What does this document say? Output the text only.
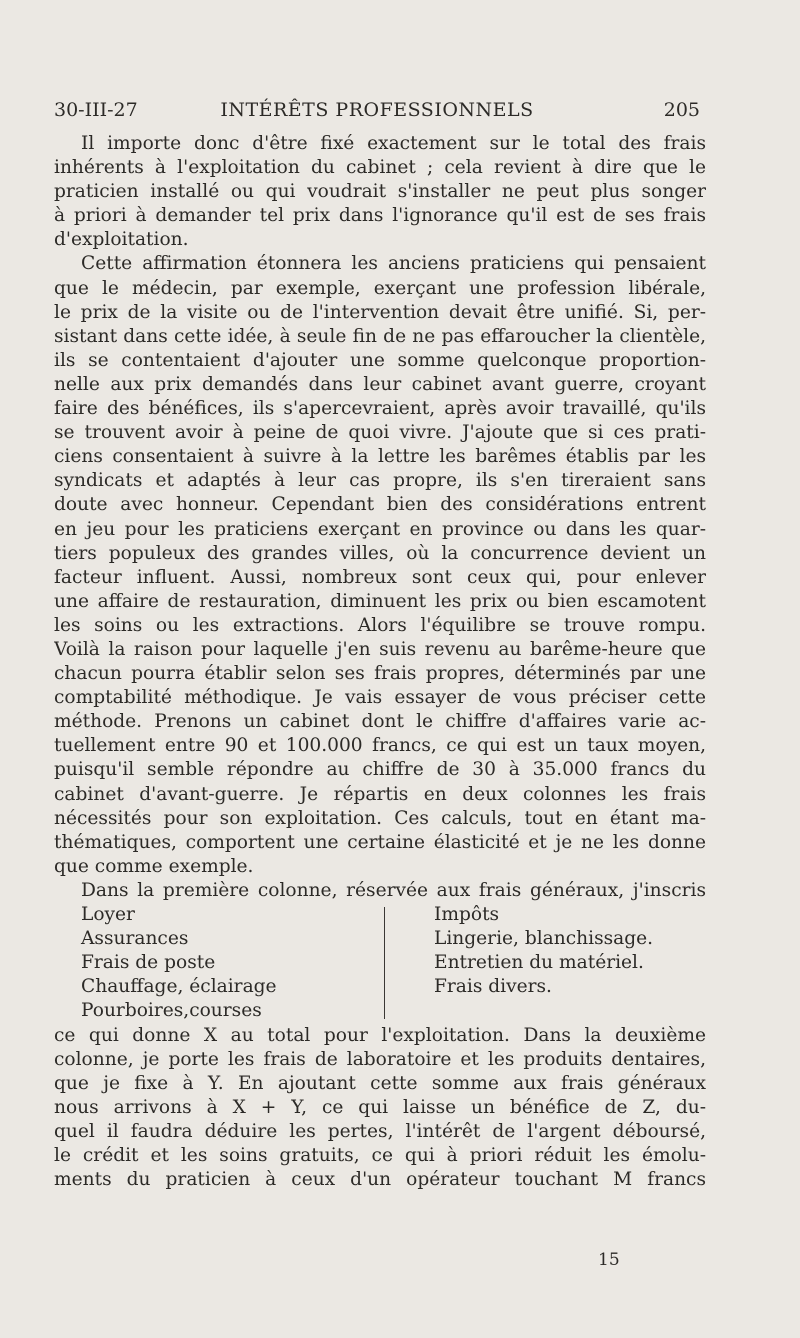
30-III-27	INTÉRÊTS PROFESSIONNELS	205
Il importe donc d'être fixé exactement sur le total des frais
inhérents à l'exploitation du cabinet ; cela revient à dire que le
praticien installé ou qui voudrait s'installer ne peut plus songer
à priori à demander tel prix dans l'ignorance qu'il est de ses frais
d'exploitation.
Cette affirmation étonnera les anciens praticiens qui pensaient
que le médecin, par exemple, exerçant une profession libérale,
le prix de la visite ou de l'intervention devait être unifié. Si, per-
sistant dans cette idée, à seule fin de ne pas effaroucher la clientèle,
ils se contentaient d'ajouter une somme quelconque proportion-
nelle aux prix demandés dans leur cabinet avant guerre, croyant
faire des bénéfices, ils s'apercevraient, après avoir travaillé, qu'ils
se trouvent avoir à peine de quoi vivre. J'ajoute que si ces prati-
ciens consentaient à suivre à la lettre les barêmes établis par les
syndicats et adaptés à leur cas propre, ils s'en tireraient sans
doute avec honneur. Cependant bien des considérations entrent
en jeu pour les praticiens exerçant en province ou dans les quar-
tiers populeux des grandes villes, où la concurrence devient un
facteur influent. Aussi, nombreux sont ceux qui, pour enlever
une affaire de restauration, diminuent les prix ou bien escamotent
les soins ou les extractions. Alors l'équilibre se trouve rompu.
Voilà la raison pour laquelle j'en suis revenu au barême-heure que
chacun pourra établir selon ses frais propres, déterminés par une
comptabilité méthodique. Je vais essayer de vous préciser cette
méthode. Prenons un cabinet dont le chiffre d'affaires varie ac-
tuellement entre 90 et 100.000 francs, ce qui est un taux moyen,
puisqu'il semble répondre au chiffre de 30 à 35.000 francs du
cabinet d'avant-guerre. Je répartis en deux colonnes les frais
nécessités pour son exploitation. Ces calculs, tout en étant ma-
thématiques, comportent une certaine élasticité et je ne les donne
que comme exemple.
Dans la première colonne, réservée aux frais généraux, j'inscris
Loyer
Assurances
Frais de poste
Chauffage, éclairage
Pourboires,courses
Impôts
Lingerie, blanchissage.
Entretien du matériel.
Frais divers.
ce qui donne X au total pour l'exploitation. Dans la deuxième
colonne, je porte les frais de laboratoire et les produits dentaires,
que je fixe à Y. En ajoutant cette somme aux frais généraux
nous arrivons à X + Y, ce qui laisse un bénéfice de Z, du-
quel il faudra déduire les pertes, l'intérêt de l'argent déboursé,
le crédit et les soins gratuits, ce qui à priori réduit les émolu-
ments du praticien à ceux d'un opérateur touchant M francs
15
